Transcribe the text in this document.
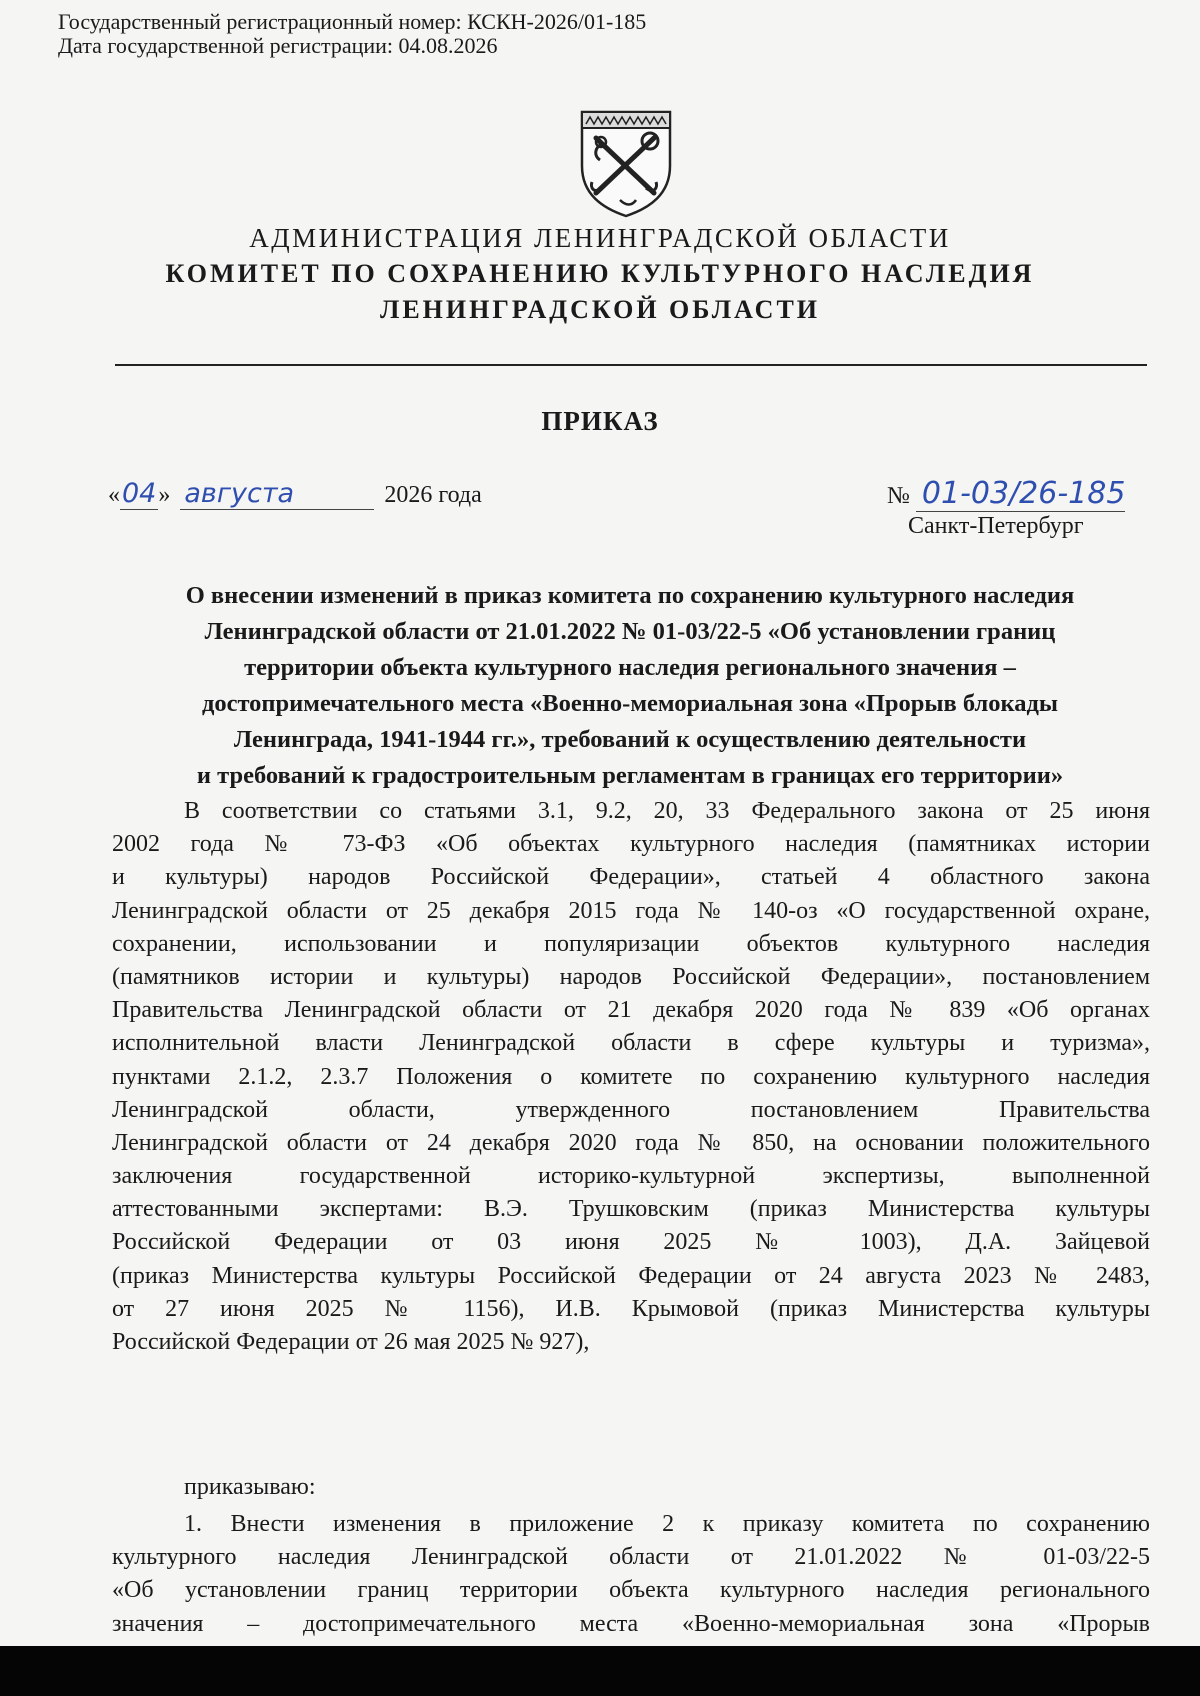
Государственный регистрационный номер: КСКН-2026/01-185
Дата государственной регистрации: 04.08.2026
АДМИНИСТРАЦИЯ ЛЕНИНГРАДСКОЙ ОБЛАСТИ
КОМИТЕТ ПО СОХРАНЕНИЮ КУЛЬТУРНОГО НАСЛЕДИЯ
ЛЕНИНГРАДСКОЙ ОБЛАСТИ
ПРИКАЗ
«04» августа	2026 года	№ 01-03/26-185
Санкт-Петербург
О внесении изменений в приказ комитета по сохранению культурного наследия
Ленинградской области от 21.01.2022 № 01-03/22-5 «Об установлении границ
территории объекта культурного наследия регионального значения –
достопримечательного места «Военно-мемориальная зона «Прорыв блокады
Ленинграда, 1941-1944 гг.», требований к осуществлению деятельности
и требований к градостроительным регламентам в границах его территории»
В соответствии со статьями 3.1, 9.2, 20, 33 Федерального закона от 25 июня
2002 года № 73-ФЗ «Об объектах культурного наследия (памятниках истории
и культуры) народов Российской Федерации», статьей 4 областного закона
Ленинградской области от 25 декабря 2015 года № 140-оз «О государственной охране,
сохранении, использовании и популяризации объектов культурного наследия
(памятников истории и культуры) народов Российской Федерации», постановлением
Правительства Ленинградской области от 21 декабря 2020 года № 839 «Об органах
исполнительной власти Ленинградской области в сфере культуры и туризма»,
пунктами 2.1.2, 2.3.7 Положения о комитете по сохранению культурного наследия
Ленинградской области, утвержденного постановлением Правительства
Ленинградской области от 24 декабря 2020 года № 850, на основании положительного
заключения государственной историко-культурной экспертизы, выполненной
аттестованными экспертами: В.Э. Трушковским (приказ Министерства культуры
Российской Федерации от 03 июня 2025 № 1003), Д.А. Зайцевой
(приказ Министерства культуры Российской Федерации от 24 августа 2023 № 2483,
от 27 июня 2025 № 1156), И.В. Крымовой (приказ Министерства культуры
Российской Федерации от 26 мая 2025 № 927),
приказываю:
1. Внести изменения в приложение 2 к приказу комитета по сохранению
культурного наследия Ленинградской области от 21.01.2022 № 01-03/22-5
«Об установлении границ территории объекта культурного наследия регионального
значения – достопримечательного места «Военно-мемориальная зона «Прорыв
